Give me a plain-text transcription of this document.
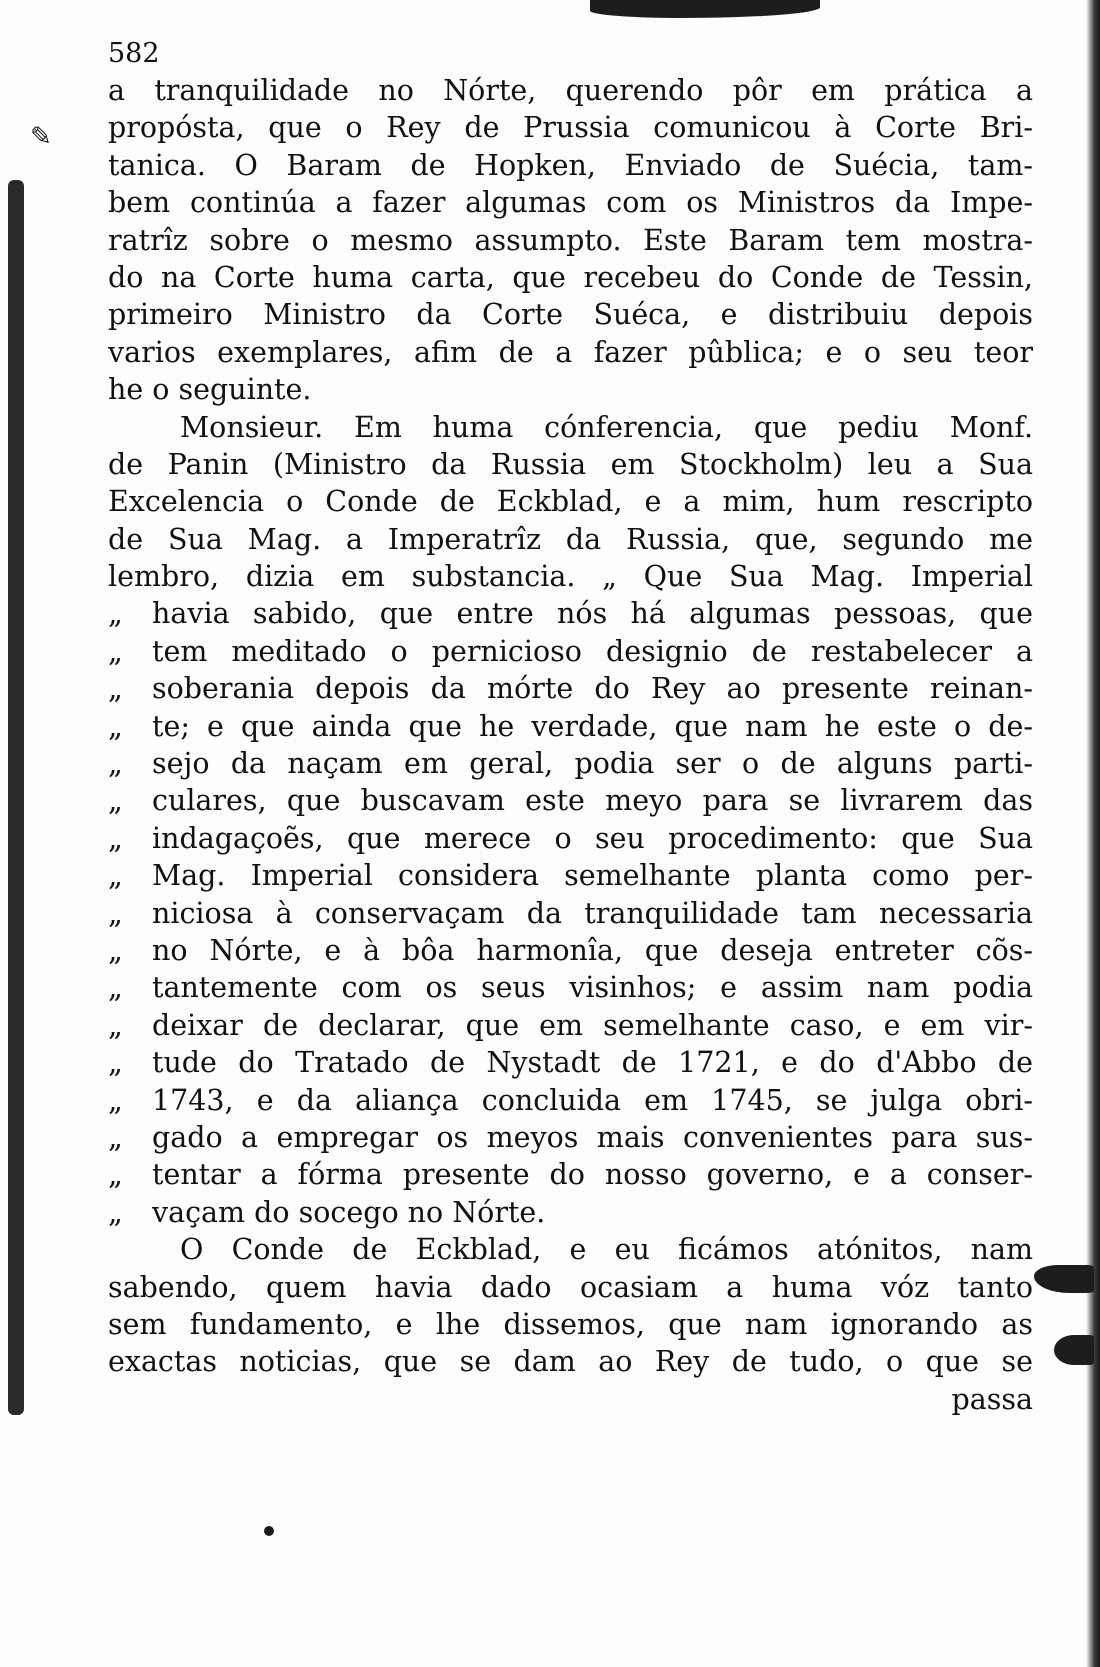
✎
582
a tranquilidade no Nórte, querendo pôr em prática a
propósta, que o Rey de Prussia comunicou à Corte Bri-
tanica. O Baram de Hopken, Enviado de Suécia, tam-
bem continúa a fazer algumas com os Ministros da Impe-
ratrîz sobre o mesmo assumpto. Este Baram tem mostra-
do na Corte huma carta, que recebeu do Conde de Tessin,
primeiro Ministro da Corte Suéca, e distribuiu depois
varios exemplares, afim de a fazer pûblica; e o seu teor
he o seguinte.
Monsieur. Em huma cónferencia, que pediu Monf.
de Panin (Ministro da Russia em Stockholm) leu a Sua
Excelencia o Conde de Eckblad, e a mim, hum rescripto
de Sua Mag. a Imperatrîz da Russia, que, segundo me
lembro, dizia em substancia. „ Que Sua Mag. Imperial
„ havia sabido, que entre nós há algumas pessoas, que
„ tem meditado o pernicioso designio de restabelecer a
„ soberania depois da mórte do Rey ao presente reinan-
„ te; e que ainda que he verdade, que nam he este o de-
„ sejo da naçam em geral, podia ser o de alguns parti-
„ culares, que buscavam este meyo para se livrarem das
„ indagaçoẽs, que merece o seu procedimento: que Sua
„ Mag. Imperial considera semelhante planta como per-
„ niciosa à conservaçam da tranquilidade tam necessaria
„ no Nórte, e à bôa harmonîa, que deseja entreter cõs-
„ tantemente com os seus visinhos; e assim nam podia
„ deixar de declarar, que em semelhante caso, e em vir-
„ tude do Tratado de Nystadt de 1721, e do d'Abbo de
„ 1743, e da aliança concluida em 1745, se julga obri-
„ gado a empregar os meyos mais convenientes para sus-
„ tentar a fórma presente do nosso governo, e a conser-
„ vaçam do socego no Nórte.
O Conde de Eckblad, e eu ficámos atónitos, nam
sabendo, quem havia dado ocasiam a huma vóz tanto
sem fundamento, e lhe dissemos, que nam ignorando as
exactas noticias, que se dam ao Rey de tudo, o que se
passa
